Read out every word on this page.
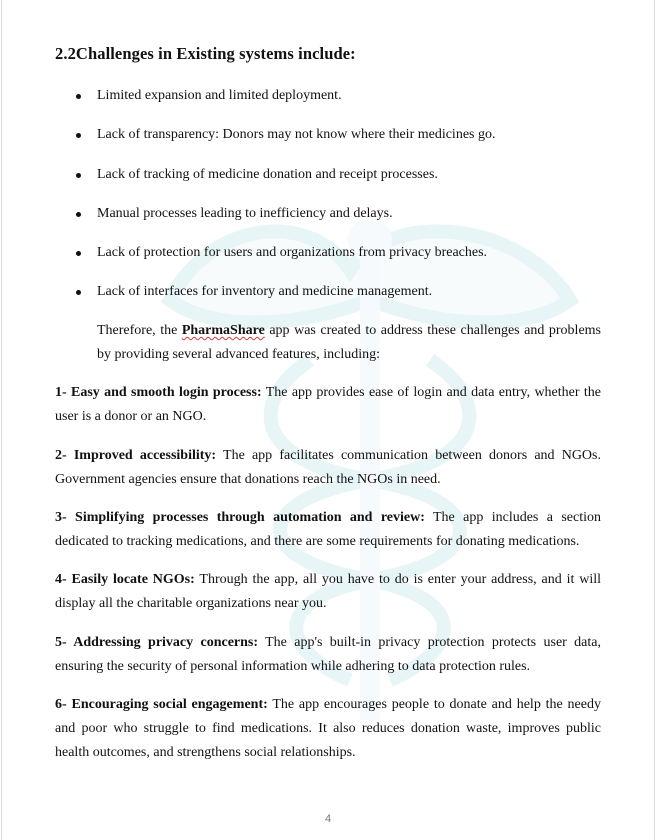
2.2Challenges in Existing systems include:
Limited expansion and limited deployment.
Lack of transparency: Donors may not know where their medicines go.
Lack of tracking of medicine donation and receipt processes.
Manual processes leading to inefficiency and delays.
Lack of protection for users and organizations from privacy breaches.
Lack of interfaces for inventory and medicine management.
Therefore, the PharmaShare app was created to address these challenges and problems by providing several advanced features, including:
1- Easy and smooth login process: The app provides ease of login and data entry, whether the user is a donor or an NGO.
2- Improved accessibility: The app facilitates communication between donors and NGOs. Government agencies ensure that donations reach the NGOs in need.
3- Simplifying processes through automation and review: The app includes a section dedicated to tracking medications, and there are some requirements for donating medications.
4- Easily locate NGOs: Through the app, all you have to do is enter your address, and it will display all the charitable organizations near you.
5- Addressing privacy concerns: The app's built-in privacy protection protects user data, ensuring the security of personal information while adhering to data protection rules.
6- Encouraging social engagement: The app encourages people to donate and help the needy and poor who struggle to find medications. It also reduces donation waste, improves public health outcomes, and strengthens social relationships.
4
